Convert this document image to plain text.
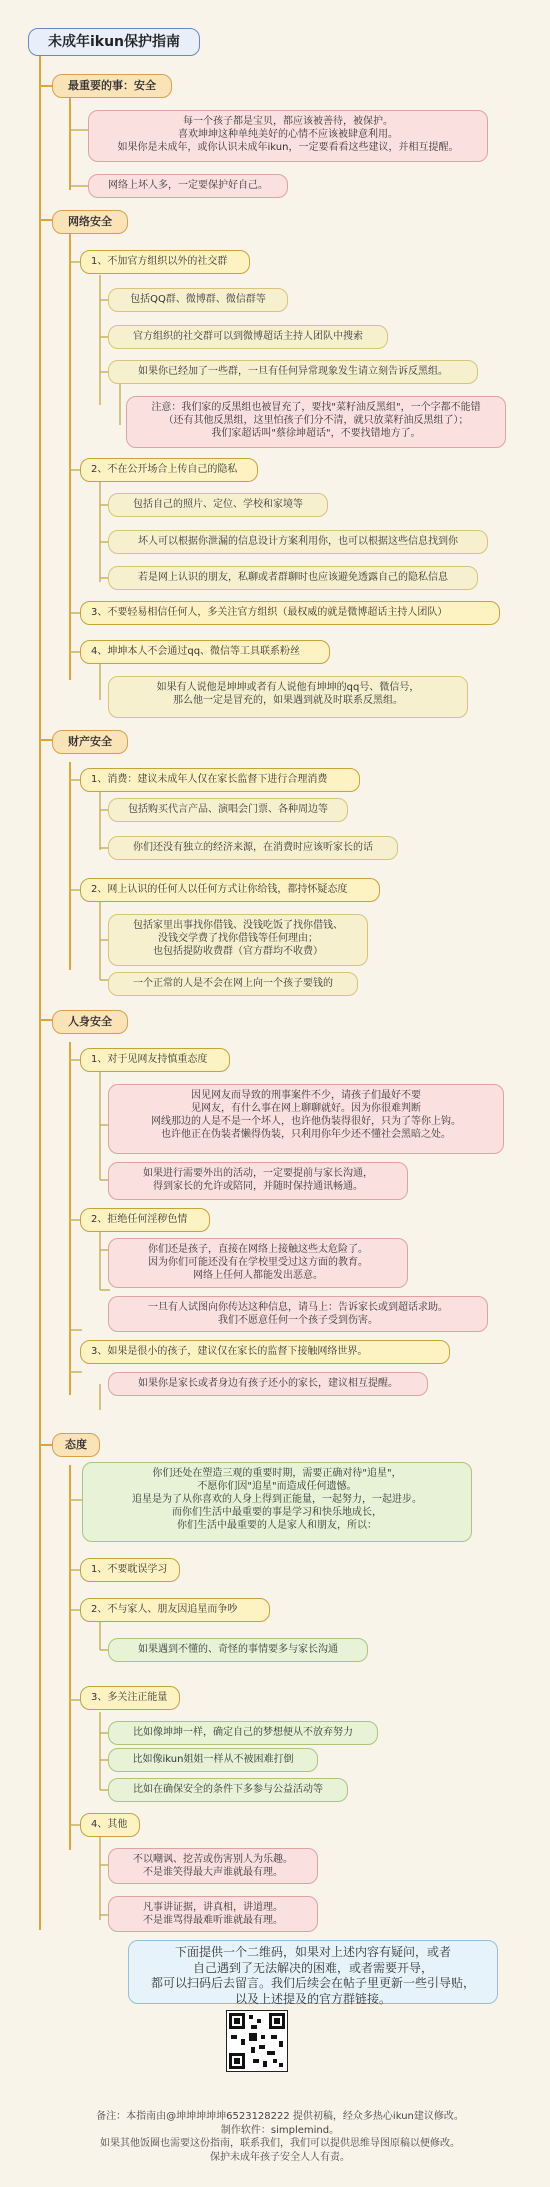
未成年ikun保护指南
最重要的事：安全
每一个孩子都是宝贝，都应该被善待，被保护。
喜欢坤坤这种单纯美好的心情不应该被肆意利用。
如果你是未成年，或你认识未成年ikun，一定要看看这些建议，并相互提醒。
网络上坏人多，一定要保护好自己。
网络安全
1、不加官方组织以外的社交群
包括QQ群、微博群、微信群等
官方组织的社交群可以到微博超话主持人团队中搜索
如果你已经加了一些群，一旦有任何异常现象发生请立刻告诉反黑组。
注意：我们家的反黑组也被冒充了，要找"菜籽油反黑组"，一个字都不能错
（还有其他反黑组，这里怕孩子们分不清，就只放菜籽油反黑组了）；
我们家超话叫"蔡徐坤超话"，不要找错地方了。
2、不在公开场合上传自己的隐私
包括自己的照片、定位、学校和家境等
坏人可以根据你泄漏的信息设计方案利用你，也可以根据这些信息找到你
若是网上认识的朋友，私聊或者群聊时也应该避免透露自己的隐私信息
3、不要轻易相信任何人，多关注官方组织（最权威的就是微博超话主持人团队）
4、坤坤本人不会通过qq、微信等工具联系粉丝
如果有人说他是坤坤或者有人说他有坤坤的qq号、微信号，
那么他一定是冒充的，如果遇到就及时联系反黑组。
财产安全
1、消费：建议未成年人仅在家长监督下进行合理消费
包括购买代言产品、演唱会门票、各种周边等
你们还没有独立的经济来源，在消费时应该听家长的话
2、网上认识的任何人以任何方式让你给钱，都持怀疑态度
包括家里出事找你借钱、没钱吃饭了找你借钱、
没钱交学费了找你借钱等任何理由；
也包括提防收费群（官方群均不收费）
一个正常的人是不会在网上向一个孩子要钱的
人身安全
1、对于见网友持慎重态度
因见网友而导致的刑事案件不少，请孩子们最好不要
见网友，有什么事在网上聊聊就好。因为你很难判断
网线那边的人是不是一个坏人，也许他伪装得很好，只为了等你上钩。
也许他正在伪装者懒得伪装，只利用你年少还不懂社会黑暗之处。
如果进行需要外出的活动，一定要提前与家长沟通，
得到家长的允许或陪同，并随时保持通讯畅通。
2、拒绝任何淫秽色情
你们还是孩子，直接在网络上接触这些太危险了。
因为你们可能还没有在学校里受过这方面的教育。
网络上任何人都能发出恶意。
一旦有人试图向你传达这种信息，请马上：告诉家长或到超话求助。
我们不愿意任何一个孩子受到伤害。
3、如果是很小的孩子，建议仅在家长的监督下接触网络世界。
如果你是家长或者身边有孩子还小的家长，建议相互提醒。
态度
你们还处在塑造三观的重要时期，需要正确对待"追星"，
不愿你们因"追星"而造成任何遗憾。
追星是为了从你喜欢的人身上得到正能量，一起努力，一起进步。
而你们生活中最重要的事是学习和快乐地成长，
你们生活中最重要的人是家人和朋友，所以：
1、不要耽误学习
2、不与家人、朋友因追星而争吵
如果遇到不懂的、奇怪的事情要多与家长沟通
3、多关注正能量
比如像坤坤一样，确定自己的梦想便从不放弃努力
比如像ikun姐姐一样从不被困难打倒
比如在确保安全的条件下多参与公益活动等
4、其他
不以嘲讽、挖苦或伤害别人为乐趣。
不是谁笑得最大声谁就最有理。
凡事讲证据，讲真相，讲道理。
不是谁骂得最难听谁就最有理。
下面提供一个二维码，如果对上述内容有疑问，或者
自己遇到了无法解决的困难，或者需要开导，
都可以扫码后去留言。我们后续会在帖子里更新一些引导贴，
以及上述提及的官方群链接。
备注：本指南由@坤坤坤坤坤6523128222 提供初稿，经众多热心ikun建议修改。
制作软件：simplemind。
如果其他饭圈也需要这份指南，联系我们，我们可以提供思维导图原稿以便修改。
保护未成年孩子安全人人有责。
